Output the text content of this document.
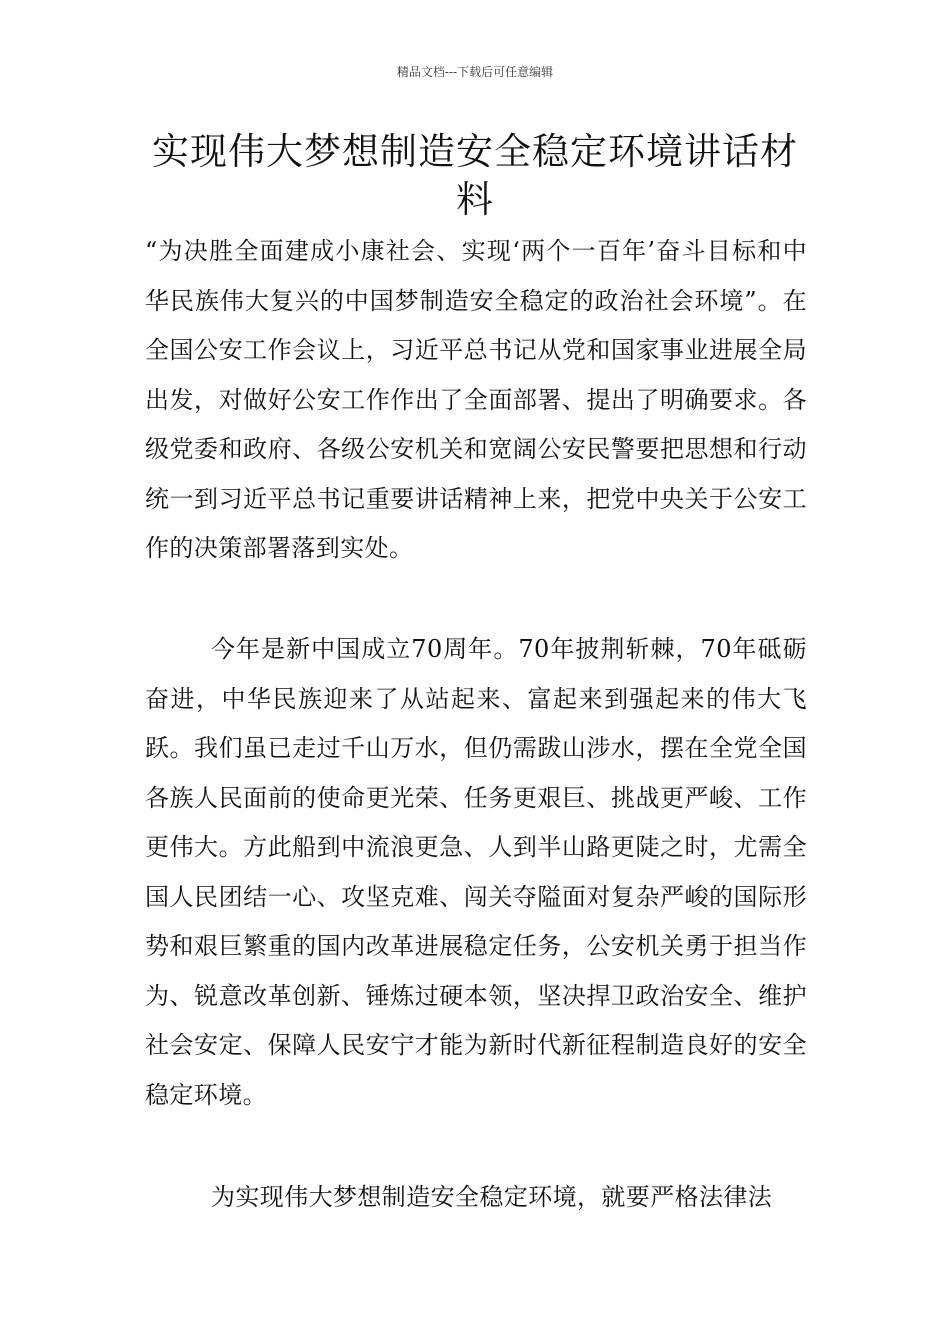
精品文档---下载后可任意编辑
实现伟大梦想制造安全稳定环境讲话材料

“为决胜全面建成小康社会、实现‘两个一百年’奋斗目标和中华民族伟大复兴的中国梦制造安全稳定的政治社会环境”。在全国公安工作会议上，习近平总书记从党和国家事业进展全局出发，对做好公安工作作出了全面部署、提出了明确要求。各级党委和政府、各级公安机关和宽阔公安民警要把思想和行动统一到习近平总书记重要讲话精神上来，把党中央关于公安工作的决策部署落到实处。

今年是新中国成立70周年。70年披荆斩棘，70年砥砺奋进，中华民族迎来了从站起来、富起来到强起来的伟大飞跃。我们虽已走过千山万水，但仍需跋山涉水，摆在全党全国各族人民面前的使命更光荣、任务更艰巨、挑战更严峻、工作更伟大。方此船到中流浪更急、人到半山路更陡之时，尤需全国人民团结一心、攻坚克难、闯关夺隘面对复杂严峻的国际形势和艰巨繁重的国内改革进展稳定任务，公安机关勇于担当作为、锐意改革创新、锤炼过硬本领，坚决捍卫政治安全、维护社会安定、保障人民安宁才能为新时代新征程制造良好的安全稳定环境。

为实现伟大梦想制造安全稳定环境，就要严格法律法
